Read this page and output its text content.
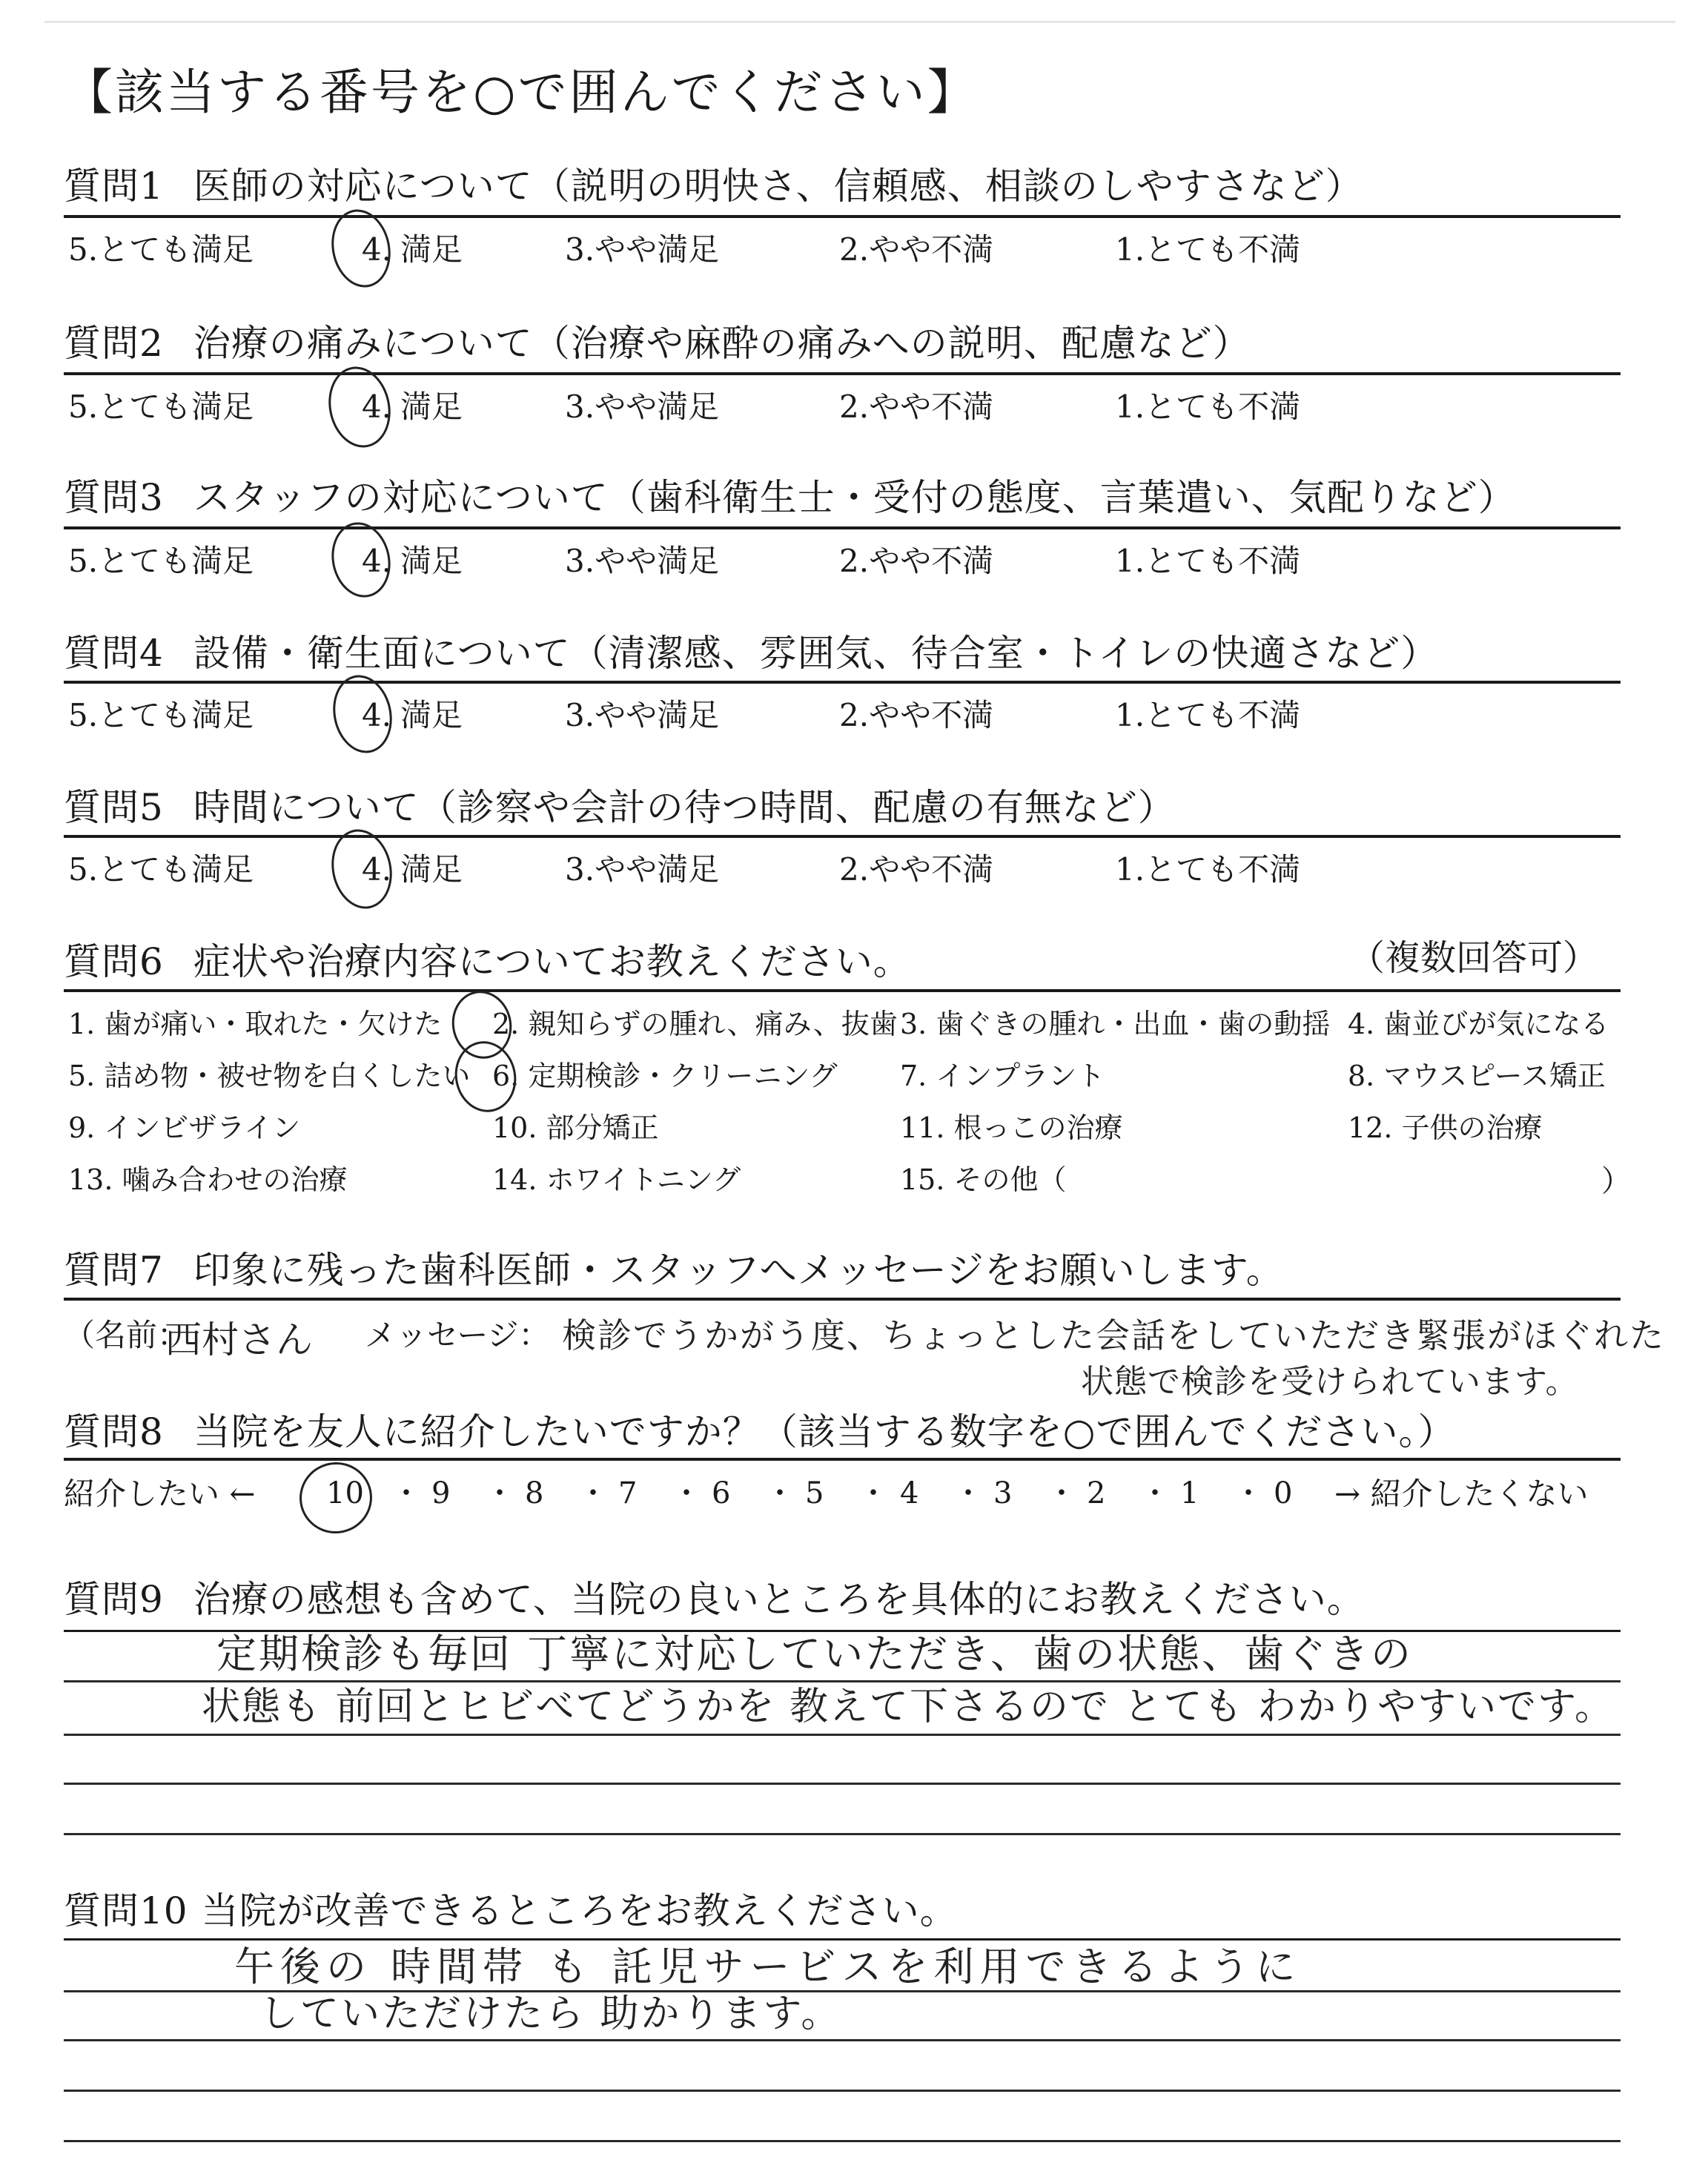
【該当する番号を○で囲んでください】
質問1 医師の対応について（説明の明快さ、信頼感、相談のしやすさなど）
5.とても満足	4. 満足	3.やや満足	2.やや不満	1.とても不満
質問2 治療の痛みについて（治療や麻酔の痛みへの説明、配慮など）
5.とても満足	4. 満足	3.やや満足	2.やや不満	1.とても不満
質問3 スタッフの対応について（歯科衛生士・受付の態度、言葉遣い、気配りなど）
5.とても満足	4. 満足	3.やや満足	2.やや不満	1.とても不満
質問4 設備・衛生面について（清潔感、雰囲気、待合室・トイレの快適さなど）
5.とても満足	4. 満足	3.やや満足	2.やや不満	1.とても不満
質問5 時間について（診察や会計の待つ時間、配慮の有無など）
5.とても満足	4. 満足	3.やや満足	2.やや不満	1.とても不満
質問6 症状や治療内容についてお教えください。	（複数回答可）
1. 歯が痛い・取れた・欠けた 2. 親知らずの腫れ、痛み、抜歯 3. 歯ぐきの腫れ・出血・歯の動揺 4. 歯並びが気になる
5. 詰め物・被せ物を白くしたい 6. 定期検診・クリーニング 7. インプラント	8. マウスピース矯正
9. インビザライン	10. 部分矯正	11. 根っこの治療	12. 子供の治療
13. 噛み合わせの治療	14. ホワイトニング	15. その他（	）
質問7 印象に残った歯科医師・スタッフへメッセージをお願いします。
（名前：
西村さん メッセージ： 検診でうかがう度、ちょっとした会話をしていただき緊張がほぐれた
状態で検診を受けられています。
質問8 当院を友人に紹介したいですか？（該当する数字を○で囲んでください。）
紹介したい ← 10 ・ 9 ・ 8 ・ 7 ・ 6 ・ 5 ・ 4 ・ 3 ・ 2 ・ 1 ・ 0 → 紹介したくない
質問9 治療の感想も含めて、当院の良いところを具体的にお教えください。
定期検診も毎回 丁寧に対応していただき、歯の状態、歯ぐきの
状態も 前回とヒビべてどうかを 教えて下さるので とても わかりやすいです。
質問10 当院が改善できるところをお教えください。
午後の 時間帯 も 託児サービスを利用できるように
していただけたら 助かります。
